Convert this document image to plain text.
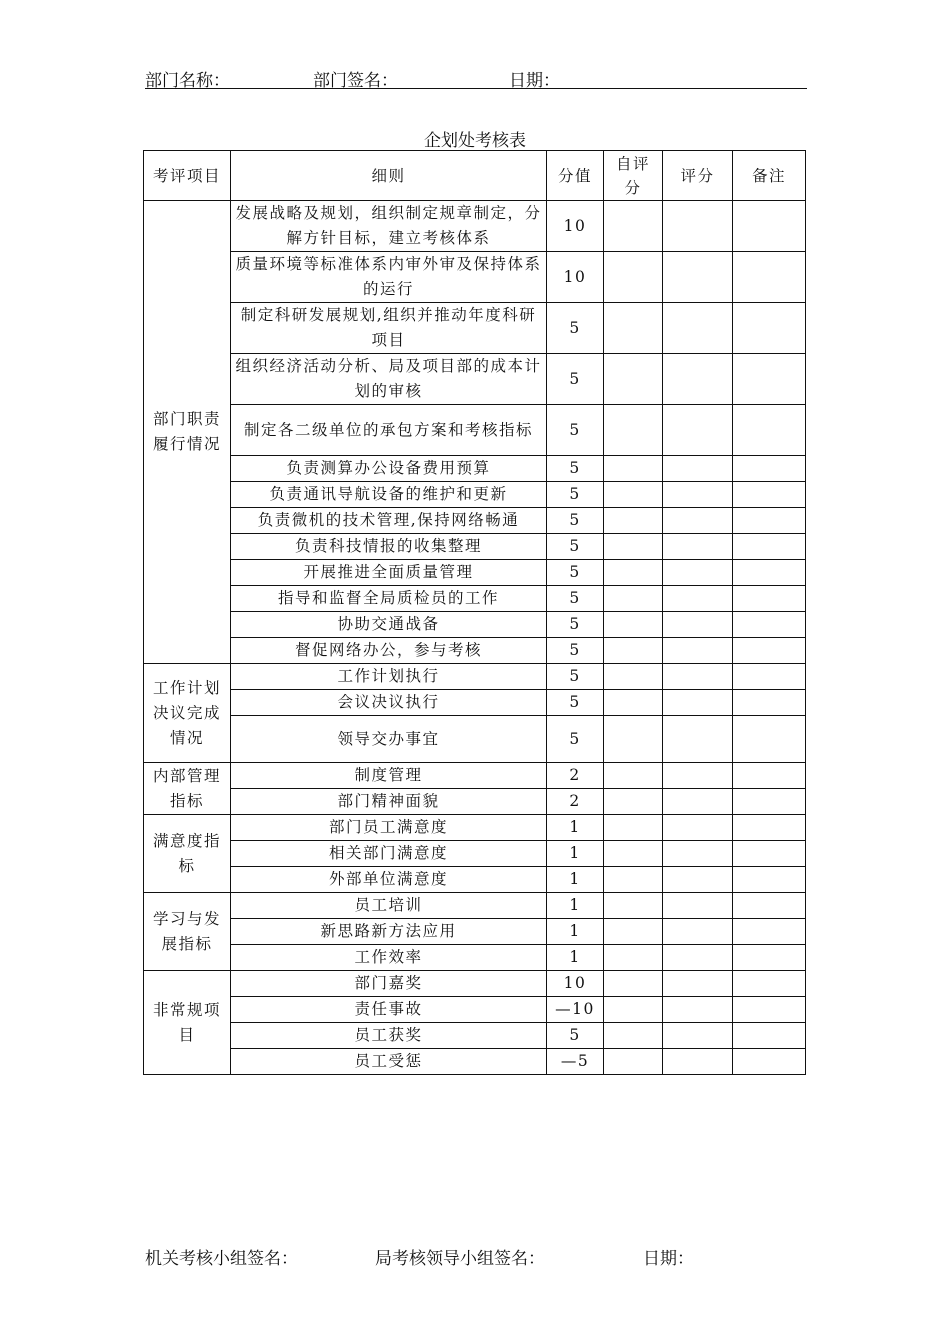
部门名称：	部门签名：	日期：
企划处考核表
考评项目	细则	分值	自评分	评分	备注
部门职责履行情况	发展战略及规划，组织制定规章制定，分解方针目标，建立考核体系	10			
	质量环境等标准体系内审外审及保持体系的运行	10			
	制定科研发展规划,组织并推动年度科研项目	5			
	组织经济活动分析、局及项目部的成本计划的审核	5			
	制定各二级单位的承包方案和考核指标	5			
	负责测算办公设备费用预算	5			
	负责通讯导航设备的维护和更新	5			
	负责微机的技术管理,保持网络畅通	5			
	负责科技情报的收集整理	5			
	开展推进全面质量管理	5			
	指导和监督全局质检员的工作	5			
	协助交通战备	5			
	督促网络办公，参与考核	5			
工作计划决议完成情况	工作计划执行	5			
	会议决议执行	5			
	领导交办事宜	5			
内部管理指标	制度管理	2			
	部门精神面貌	2			
满意度指标	部门员工满意度	1			
	相关部门满意度	1			
	外部单位满意度	1			
学习与发展指标	员工培训	1			
	新思路新方法应用	1			
	工作效率	1			
非常规项目	部门嘉奖	10			
	责任事故	—10			
	员工获奖	5			
	员工受惩	—5			
机关考核小组签名：	局考核领导小组签名：	日期：
